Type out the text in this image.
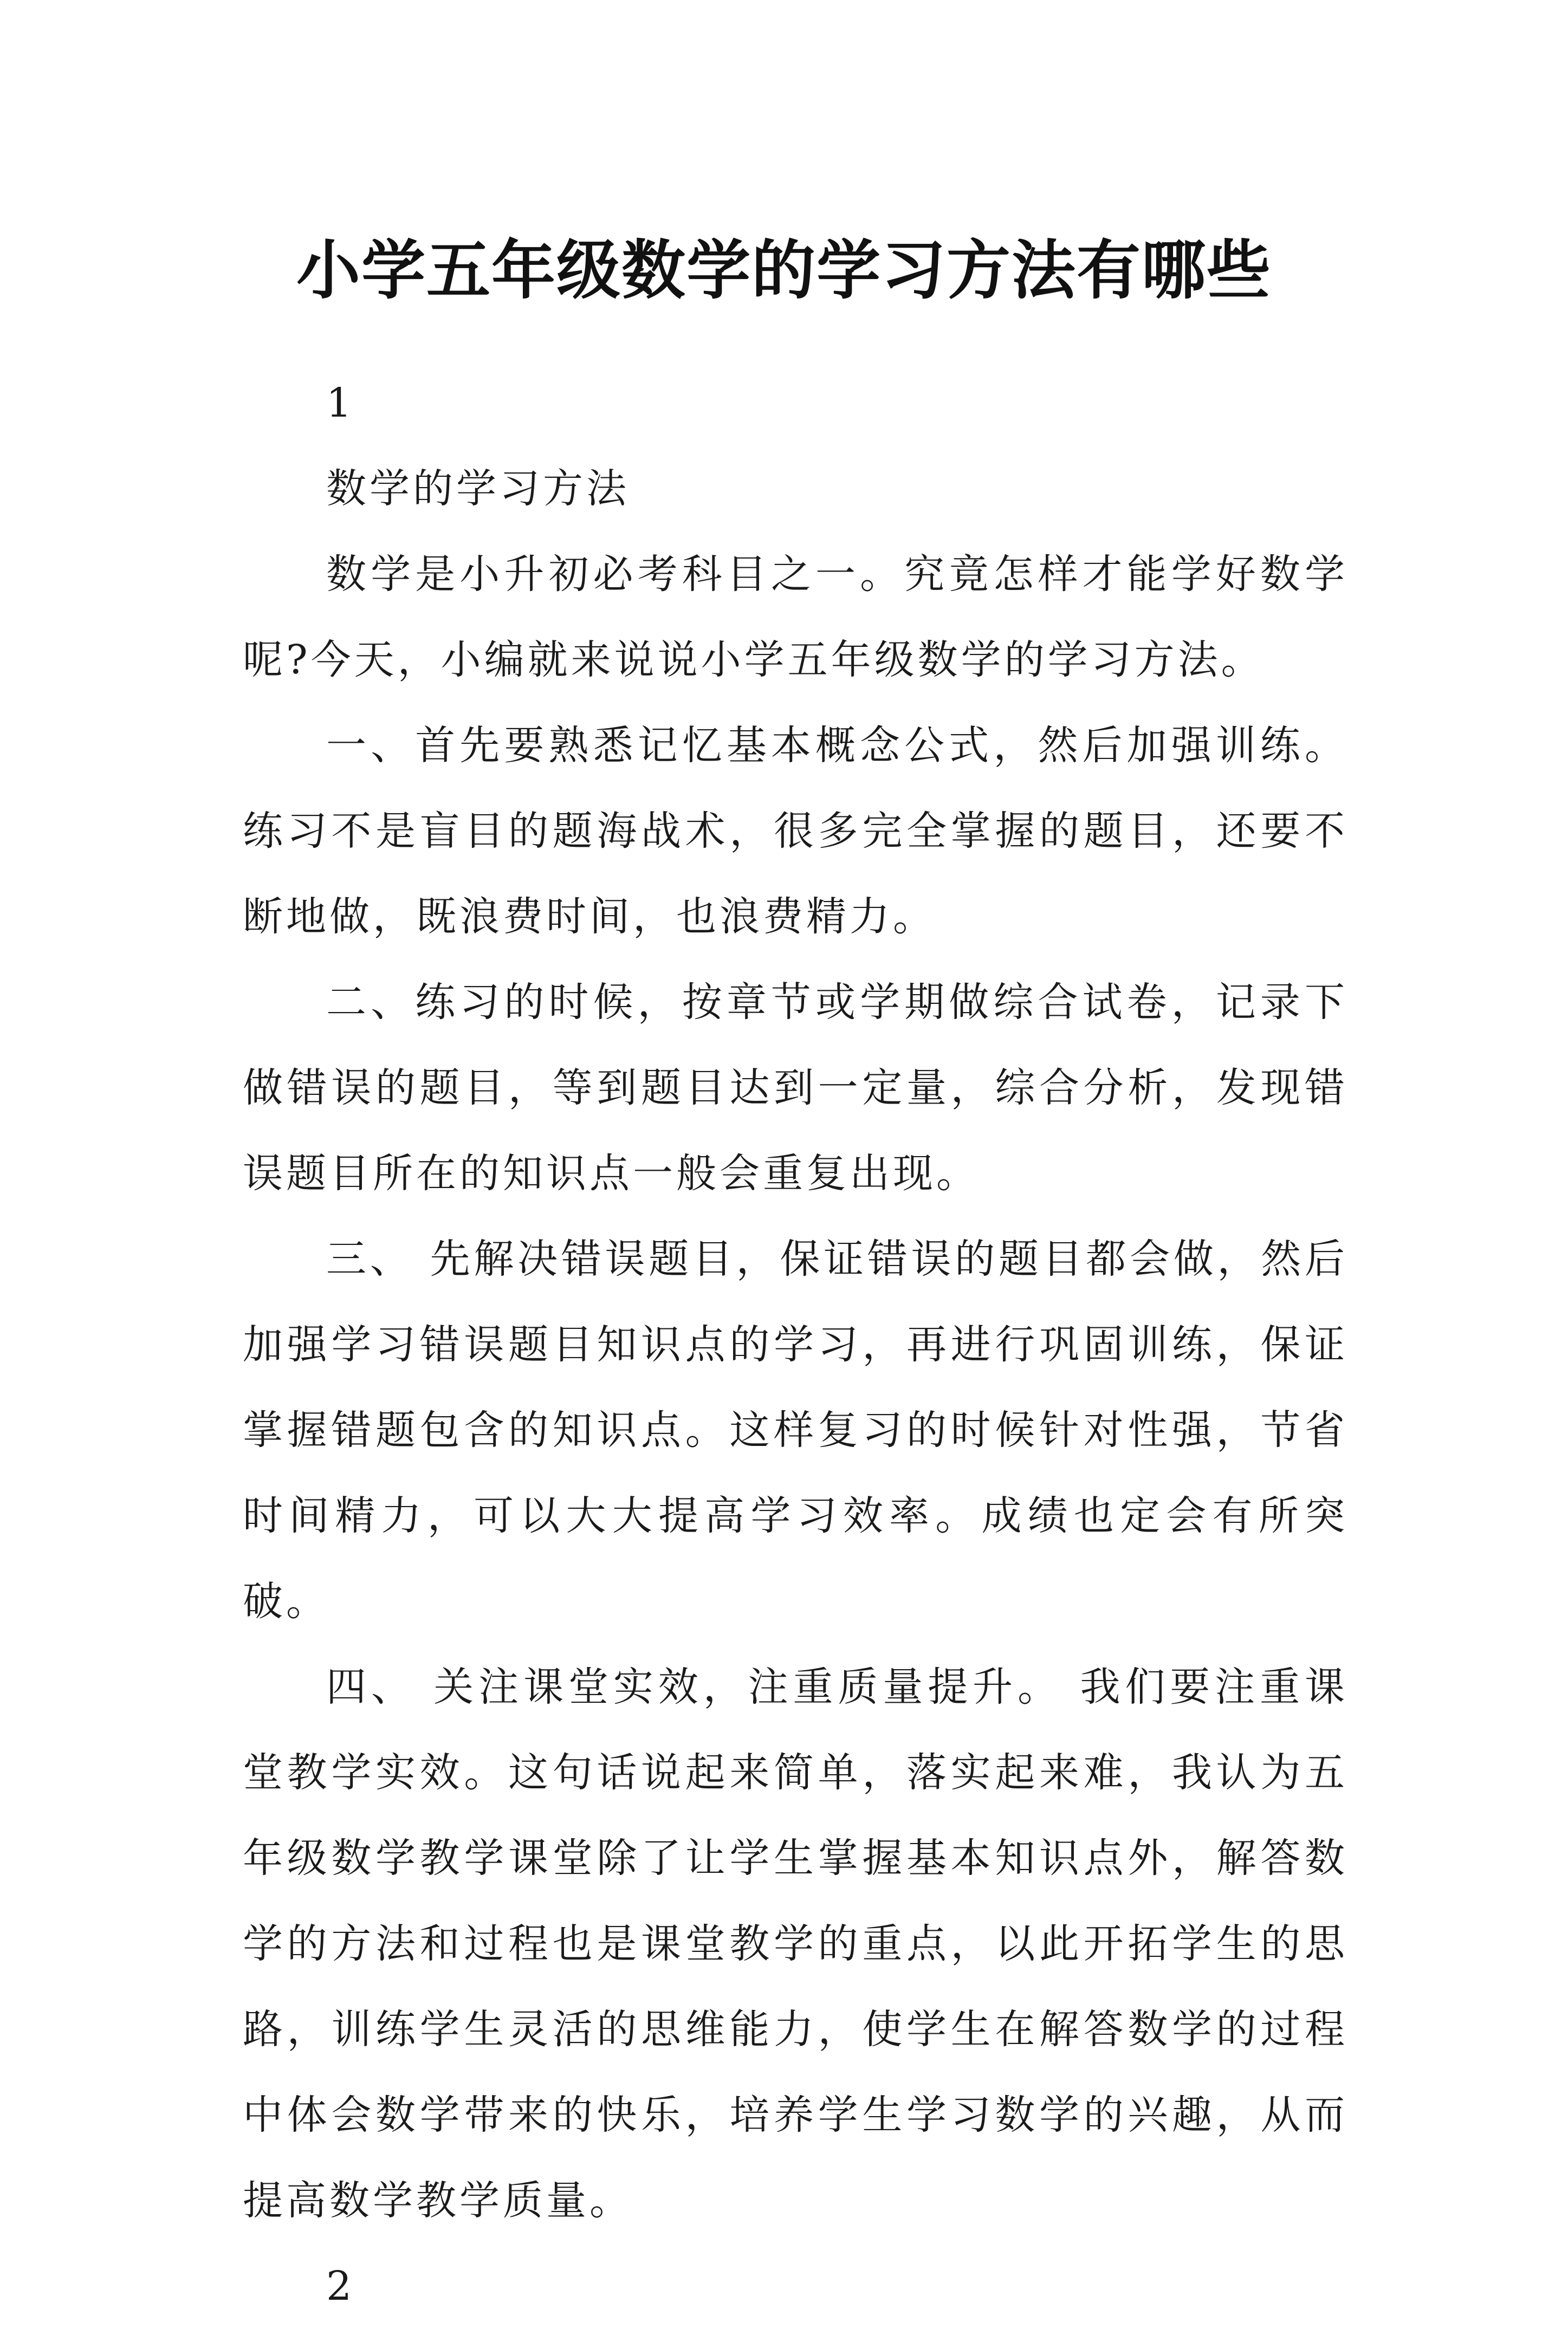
小学五年级数学的学习方法有哪些

1

数学的学习方法

数学是小升初必考科目之一。究竟怎样才能学好数学呢?今天，小编就来说说小学五年级数学的学习方法。

一、首先要熟悉记忆基本概念公式，然后加强训练。练习不是盲目的题海战术，很多完全掌握的题目，还要不断地做，既浪费时间，也浪费精力。

二、练习的时候，按章节或学期做综合试卷，记录下做错误的题目，等到题目达到一定量，综合分析，发现错误题目所在的知识点一般会重复出现。

三、 先解决错误题目，保证错误的题目都会做，然后加强学习错误题目知识点的学习，再进行巩固训练，保证掌握错题包含的知识点。这样复习的时候针对性强，节省时间精力，可以大大提高学习效率。成绩也定会有所突破。

四、 关注课堂实效，注重质量提升。 我们要注重课堂教学实效。这句话说起来简单，落实起来难，我认为五年级数学教学课堂除了让学生掌握基本知识点外，解答数学的方法和过程也是课堂教学的重点，以此开拓学生的思路，训练学生灵活的思维能力，使学生在解答数学的过程中体会数学带来的快乐，培养学生学习数学的兴趣，从而提高数学教学质量。

2
